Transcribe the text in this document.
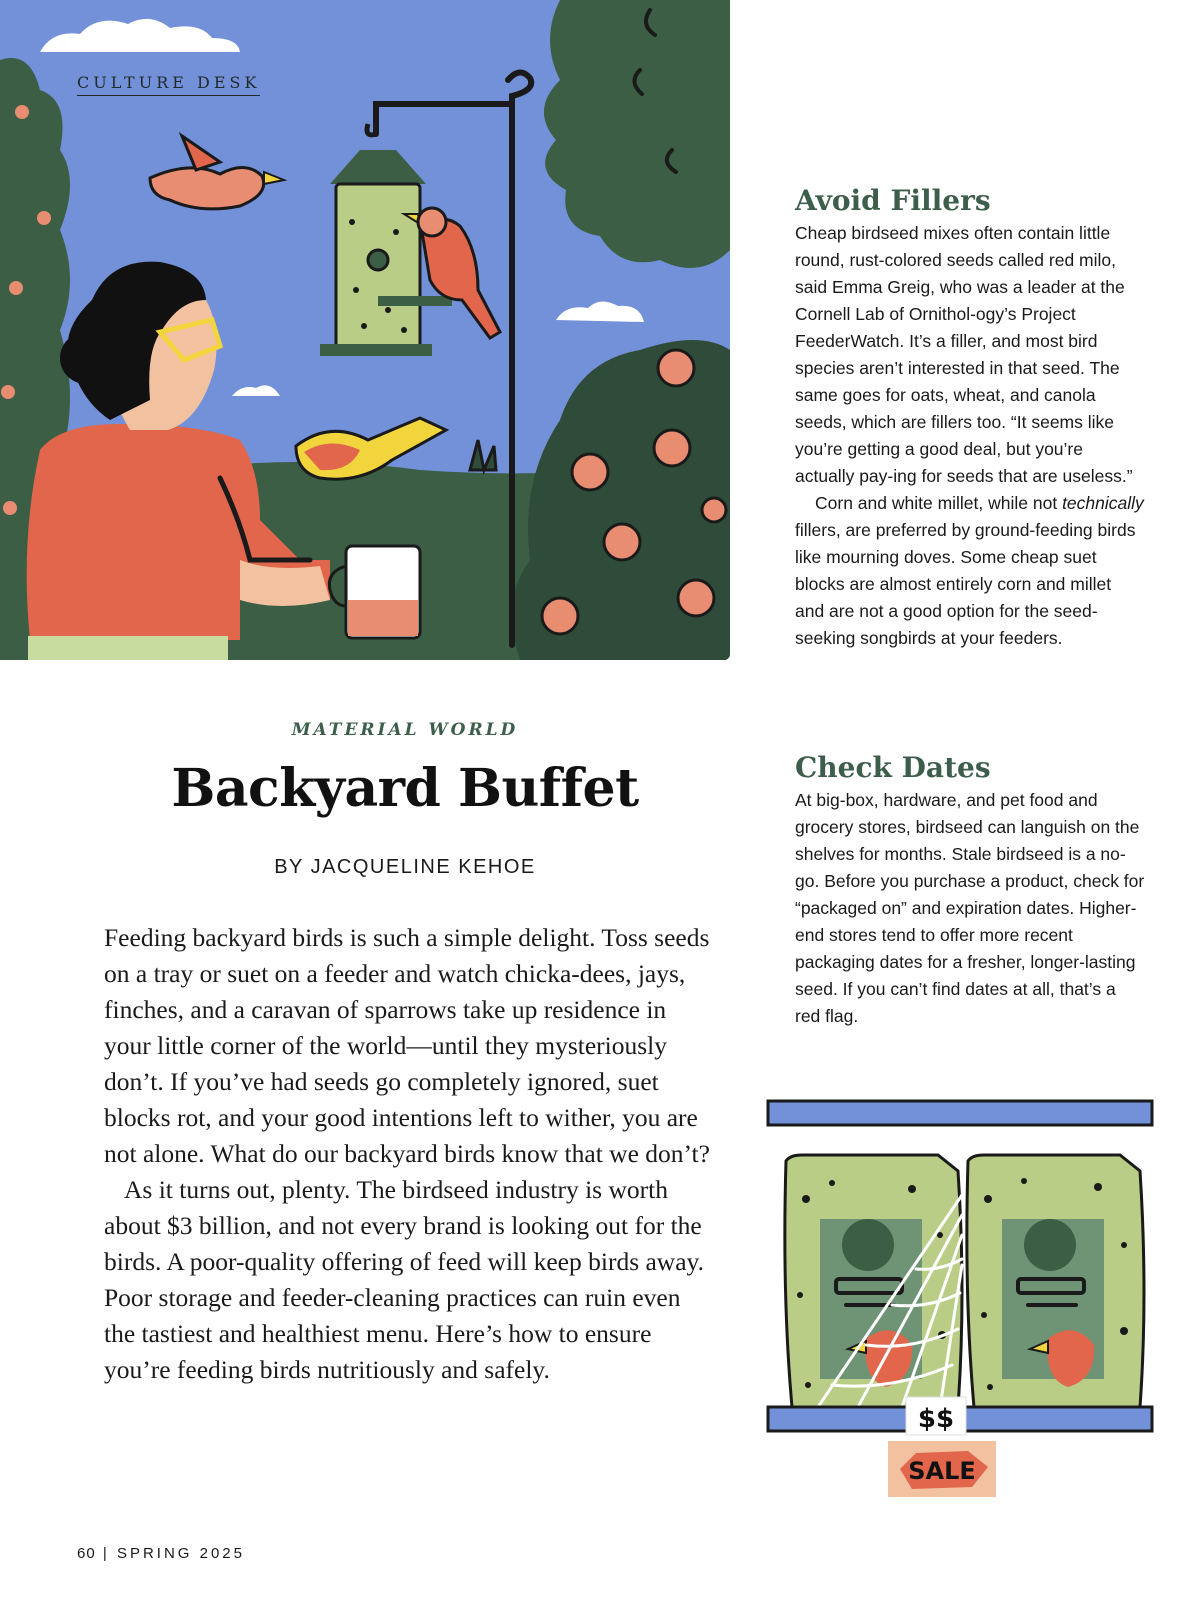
CULTURE DESK
MATERIAL WORLD
Backyard Buffet
BY JACQUELINE KEHOE

Feeding backyard birds is such a simple delight. Toss seeds on a tray or suet on a feeder and watch chicka-dees, jays, finches, and a caravan of sparrows take up residence in your little corner of the world—until they mysteriously don’t. If you’ve had seeds go completely ignored, suet blocks rot, and your good intentions left to wither, you are not alone. What do our backyard birds know that we don’t?

As it turns out, plenty. The birdseed industry is worth about $3 billion, and not every brand is looking out for the birds. A poor-quality offering of feed will keep birds away. Poor storage and feeder-cleaning practices can ruin even the tastiest and healthiest menu. Here’s how to ensure you’re feeding birds nutritiously and safely.

Avoid Fillers

Cheap birdseed mixes often contain little round, rust-colored seeds called red milo, said Emma Greig, who was a leader at the Cornell Lab of Ornithol-ogy’s Project FeederWatch. It’s a filler, and most bird species aren’t interested in that seed. The same goes for oats, wheat, and canola seeds, which are fillers too. “It seems like you’re getting a good deal, but you’re actually pay-ing for seeds that are useless.”

Corn and white millet, while not technically fillers, are preferred by ground-feeding birds like mourning doves. Some cheap suet blocks are almost entirely corn and millet and are not a good option for the seed-seeking songbirds at your feeders.

Check Dates

At big-box, hardware, and pet food and grocery stores, birdseed can languish on the shelves for months. Stale birdseed is a no-go. Before you purchase a product, check for “packaged on” and expiration dates. Higher-end stores tend to offer more recent packaging dates for a fresher, longer-lasting seed. If you can’t find dates at all, that’s a red flag.

$$
SALE
60 | SPRING 2025
